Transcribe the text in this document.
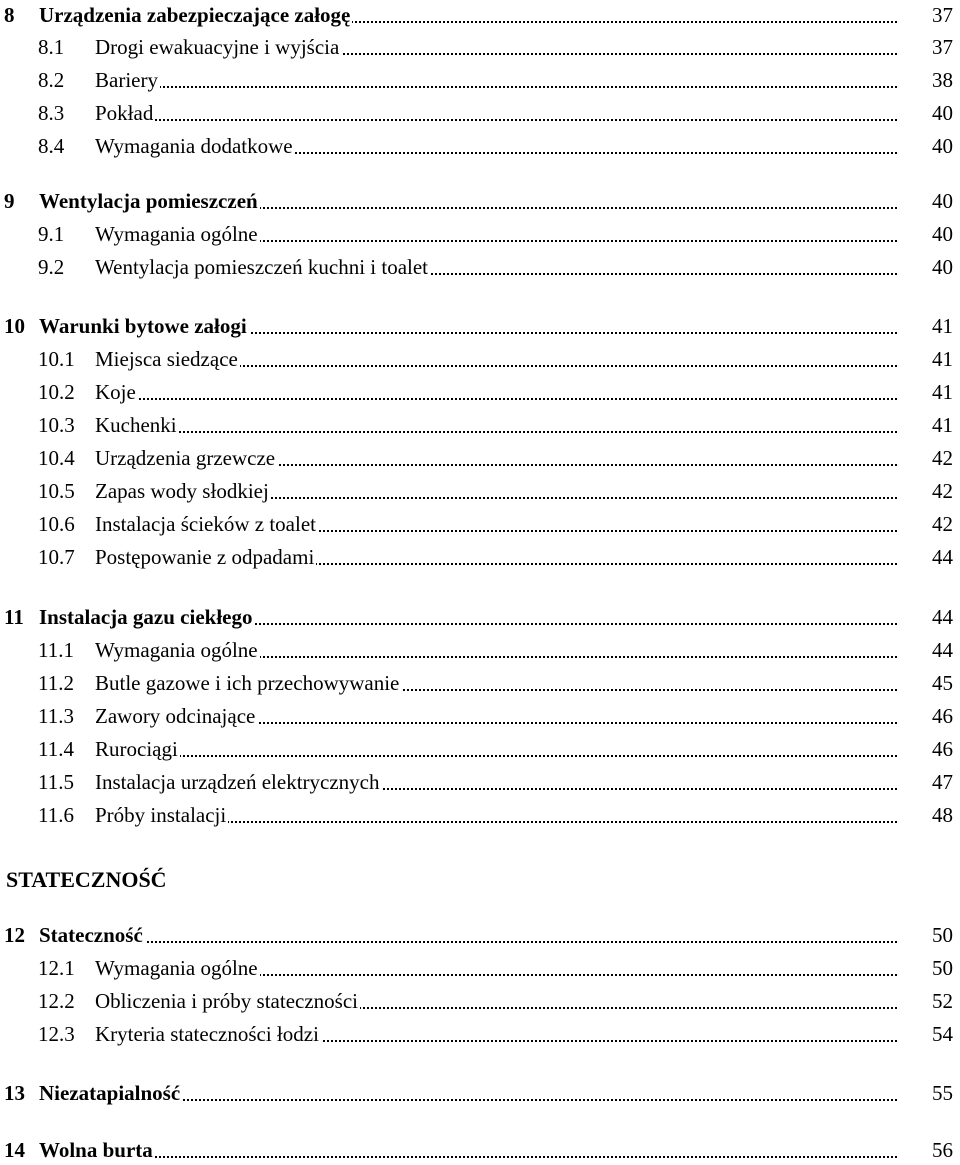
STATECZNOŚĆ
8 Urządzenia zabezpieczające załogę	37
8.1 Drogi ewakuacyjne i wyjścia	37
8.2 Bariery	38
8.3 Pokład	40
8.4 Wymagania dodatkowe	40
9 Wentylacja pomieszczeń	40
9.1 Wymagania ogólne	40
9.2 Wentylacja pomieszczeń kuchni i toalet	40
10 Warunki bytowe załogi	41
10.1 Miejsca siedzące	41
10.2 Koje	41
10.3 Kuchenki	41
10.4 Urządzenia grzewcze	42
10.5 Zapas wody słodkiej	42
10.6 Instalacja ścieków z toalet	42
10.7 Postępowanie z odpadami	44
11 Instalacja gazu ciekłego	44
11.1 Wymagania ogólne	44
11.2 Butle gazowe i ich przechowywanie	45
11.3 Zawory odcinające	46
11.4 Rurociągi	46
11.5 Instalacja urządzeń elektrycznych	47
11.6 Próby instalacji	48
12 Stateczność	50
12.1 Wymagania ogólne	50
12.2 Obliczenia i próby stateczności	52
12.3 Kryteria stateczności łodzi	54
13 Niezatapialność	55
14 Wolna burta	56
